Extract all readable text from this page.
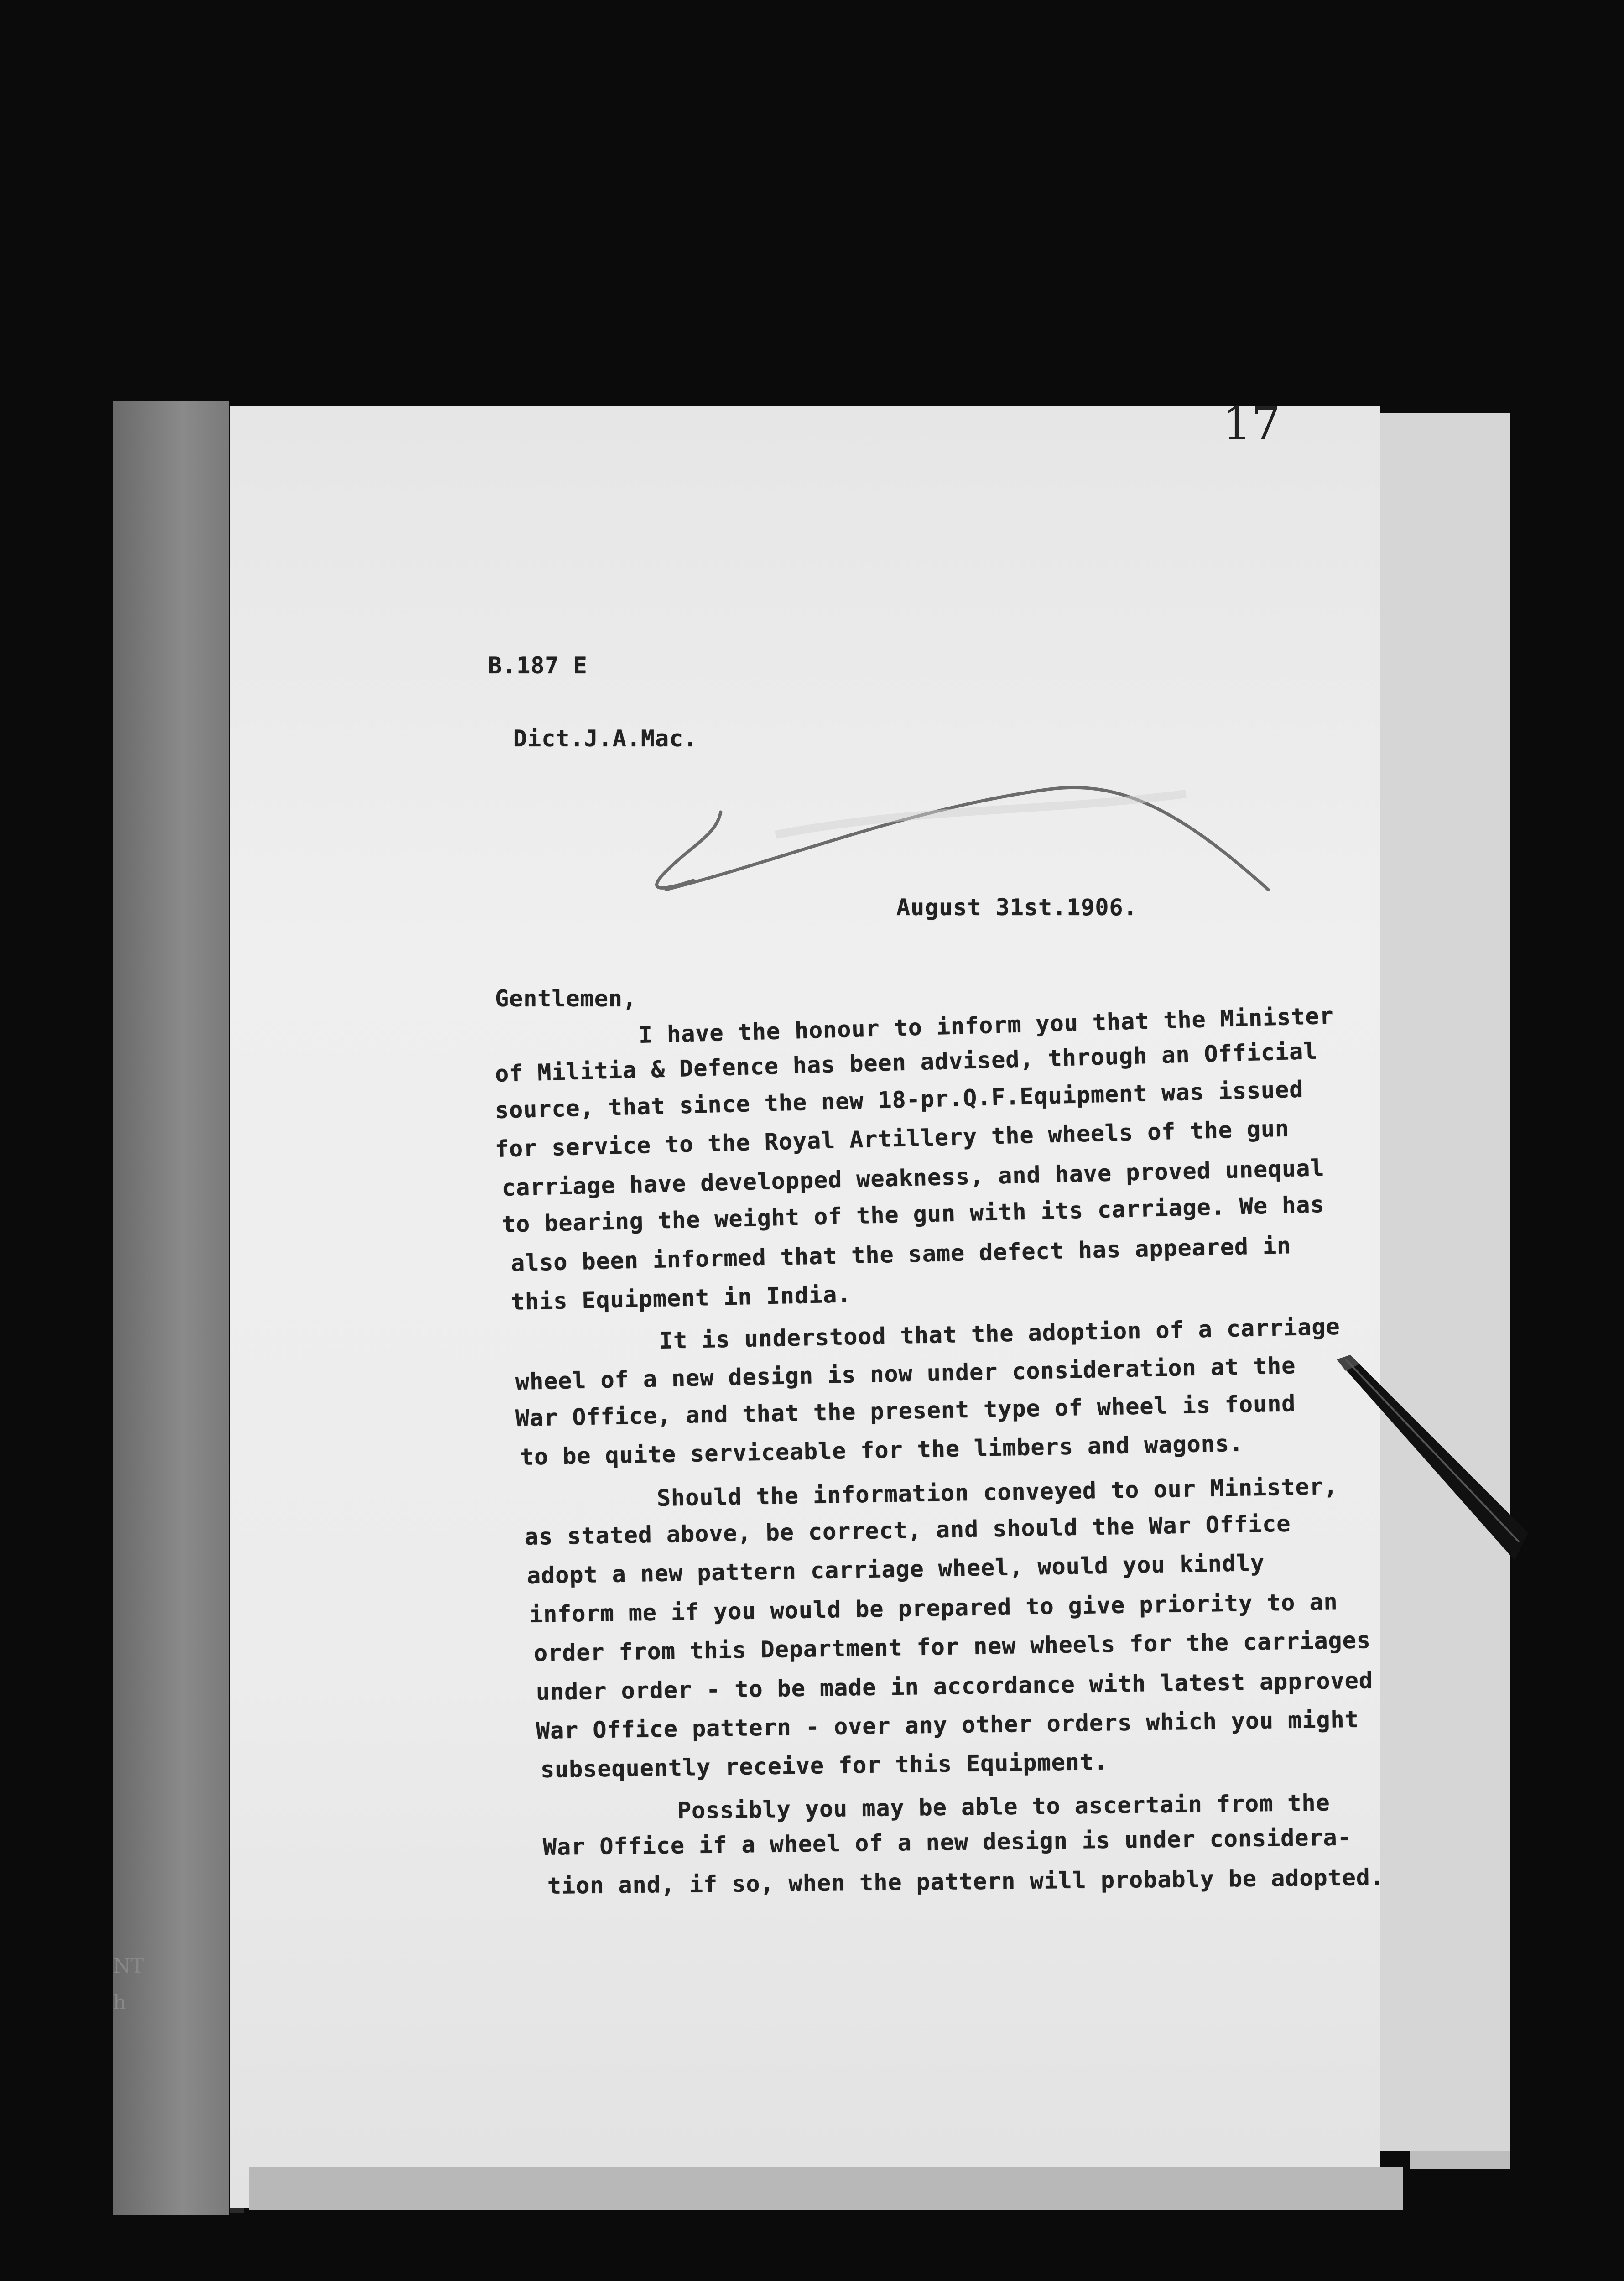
NT
h
17
B.187 E
Dict.J.A.Mac.
August 31st.1906.
Gentlemen,
I have the honour to inform you that the Minister
of Militia & Defence has been advised, through an Official
source, that since the new 18-pr.Q.F.Equipment was issued
for service to the Royal Artillery the wheels of the gun
carriage have developped weakness, and have proved unequal
to bearing the weight of the gun with its carriage. We has
also been informed that the same defect has appeared in
this Equipment in India.
It is understood that the adoption of a carriage
wheel of a new design is now under consideration at the
War Office, and that the present type of wheel is found
to be quite serviceable for the limbers and wagons.
Should the information conveyed to our Minister,
as stated above, be correct, and should the War Office
adopt a new pattern carriage wheel, would you kindly
inform me if you would be prepared to give priority to an
order from this Department for new wheels for the carriages
under order - to be made in accordance with latest approved
War Office pattern - over any other orders which you might
subsequently receive for this Equipment.
Possibly you may be able to ascertain from the
War Office if a wheel of a new design is under considera-
tion and, if so, when the pattern will probably be adopted.
